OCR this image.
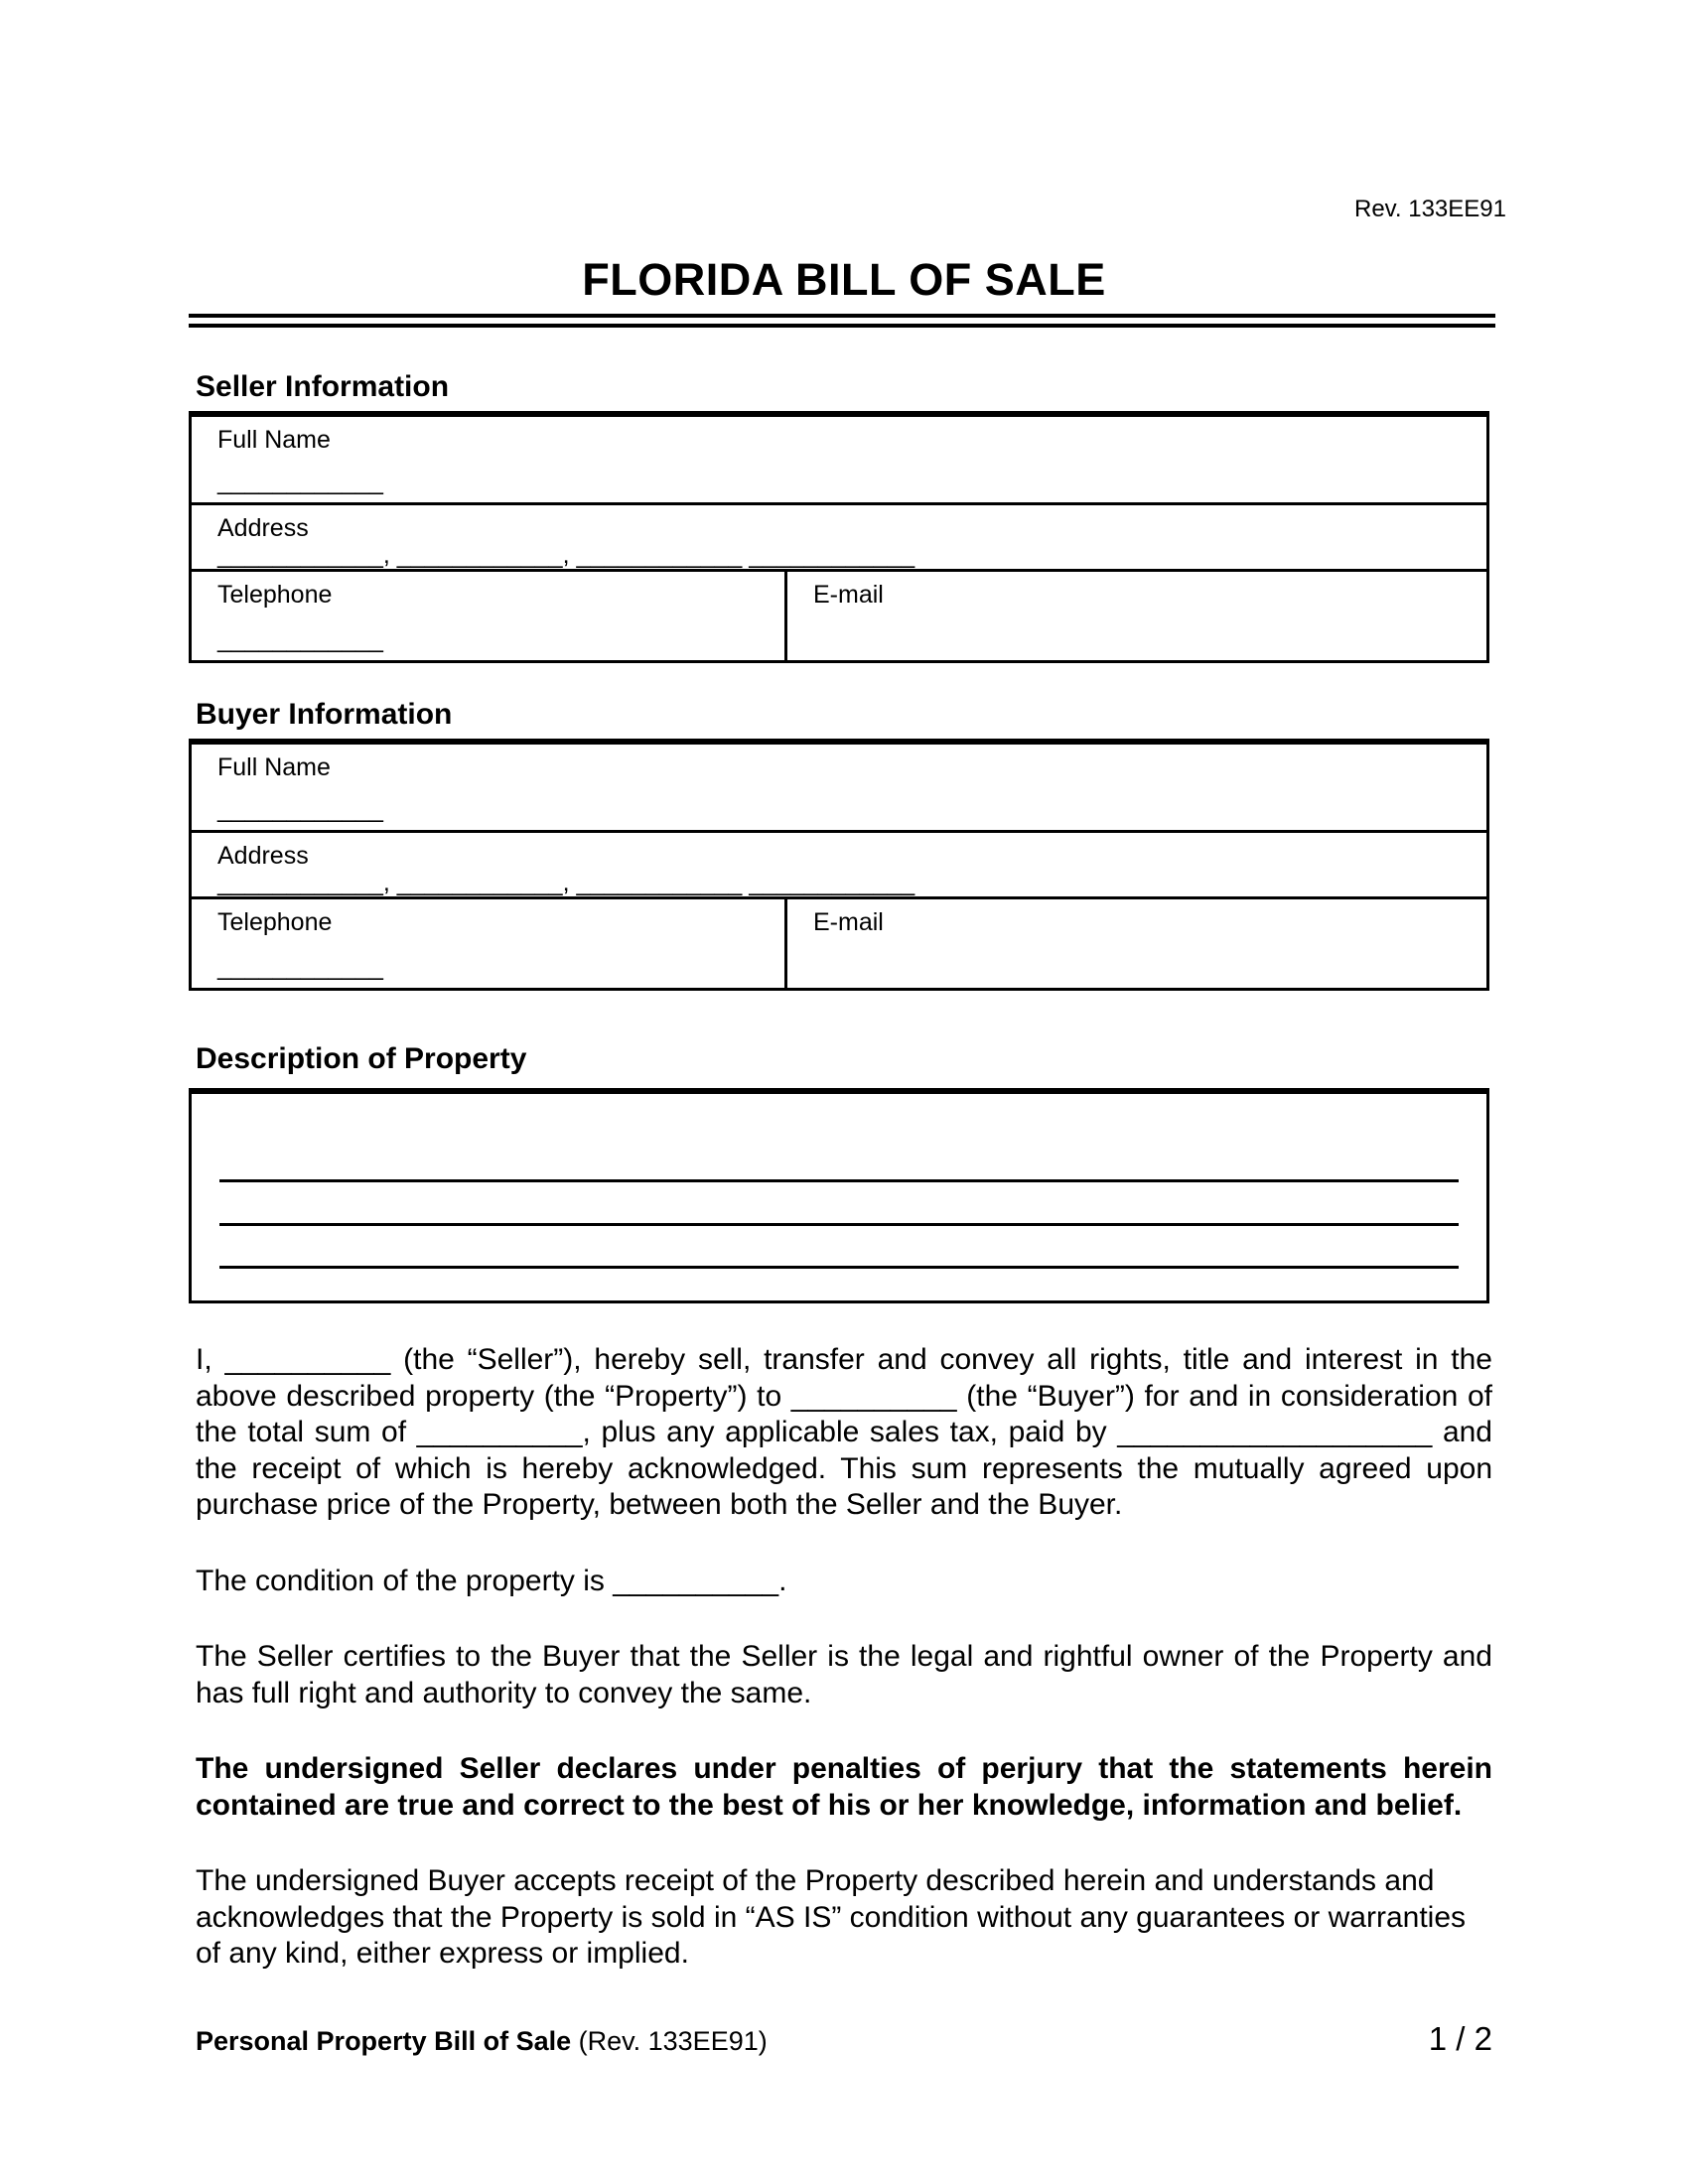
Rev. 133EE91
FLORIDA BILL OF SALE
Seller Information
Full Name
____________
Address
____________, ____________, ____________ ____________
Telephone
____________
E-mail
Buyer Information
Full Name
____________
Address
____________, ____________, ____________ ____________
Telephone
____________
E-mail
Description of Property

I, __________ (the “Seller”), hereby sell, transfer and convey all rights, title and interest in the above described property (the “Property”) to __________ (the “Buyer”) for and in consideration of the total sum of __________, plus any applicable sales tax, paid by ___________________ and the receipt of which is hereby acknowledged. This sum represents the mutually agreed upon purchase price of the Property, between both the Seller and the Buyer.

The condition of the property is __________.

The Seller certifies to the Buyer that the Seller is the legal and rightful owner of the Property and has full right and authority to convey the same.

The undersigned Seller declares under penalties of perjury that the statements herein contained are true and correct to the best of his or her knowledge, information and belief.

The undersigned Buyer accepts receipt of the Property described herein and understands and acknowledges that the Property is sold in “AS IS” condition without any guarantees or warranties of any kind, either express or implied.

Personal Property Bill of Sale (Rev. 133EE91)	1 / 2
